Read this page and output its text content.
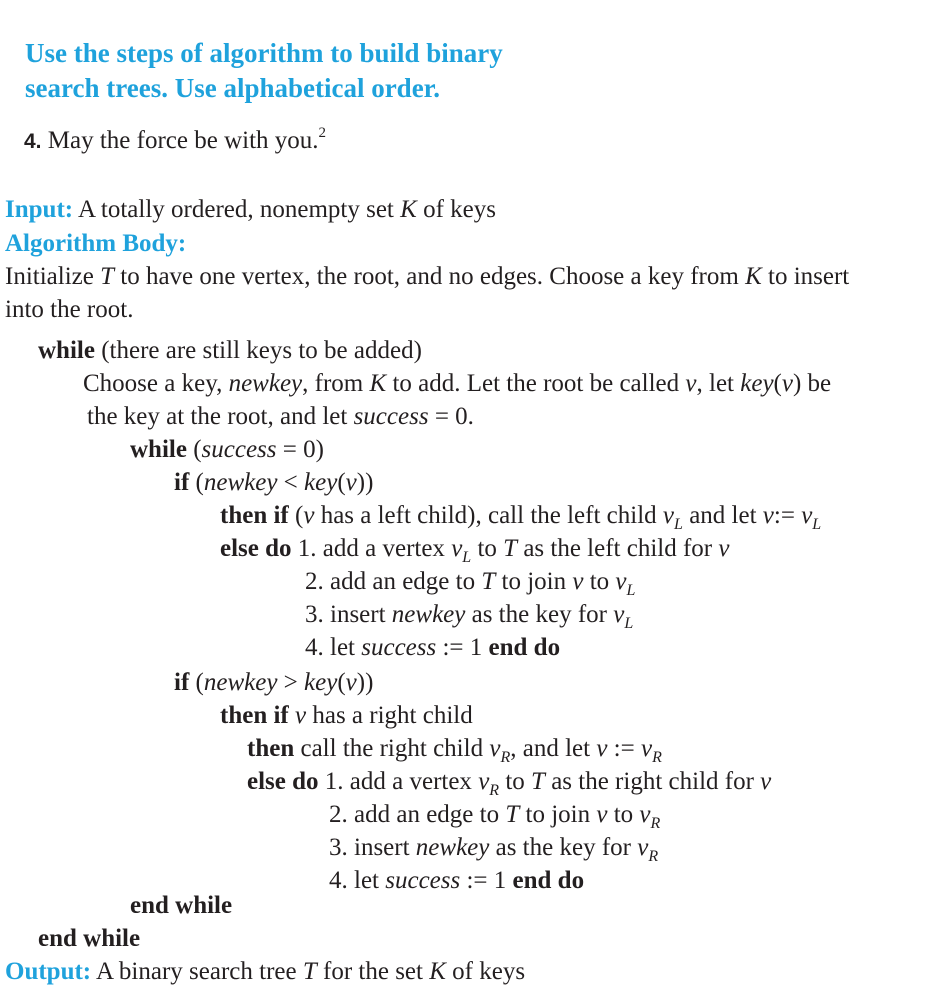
Use the steps of algorithm to build binary
search trees. Use alphabetical order.
4. May the force be with you.$^2$
Input: A totally ordered, nonempty set K of keys
Algorithm Body:
Initialize T to have one vertex, the root, and no edges. Choose a key from K to insert
into the root.
while (there are still keys to be added)
Choose a key, newkey, from K to add. Let the root be called v, let key(v) be
the key at the root, and let success = 0.
while (success = 0)
if (newkey < key(v))
then if (v has a left child), call the left child $v_L$ and let v:= $v_L$
else do 1. add a vertex $v_L$ to T as the left child for v
2. add an edge to T to join v to $v_L$
3. insert newkey as the key for $v_L$
4. let success := 1 end do
if (newkey > key(v))
then if v has a right child
then call the right child $v_R$, and let v := $v_R$
else do 1. add a vertex $v_R$ to T as the right child for v
2. add an edge to T to join v to $v_R$
3. insert newkey as the key for $v_R$
4. let success := 1 end do
end while
end while
Output: A binary search tree T for the set K of keys
